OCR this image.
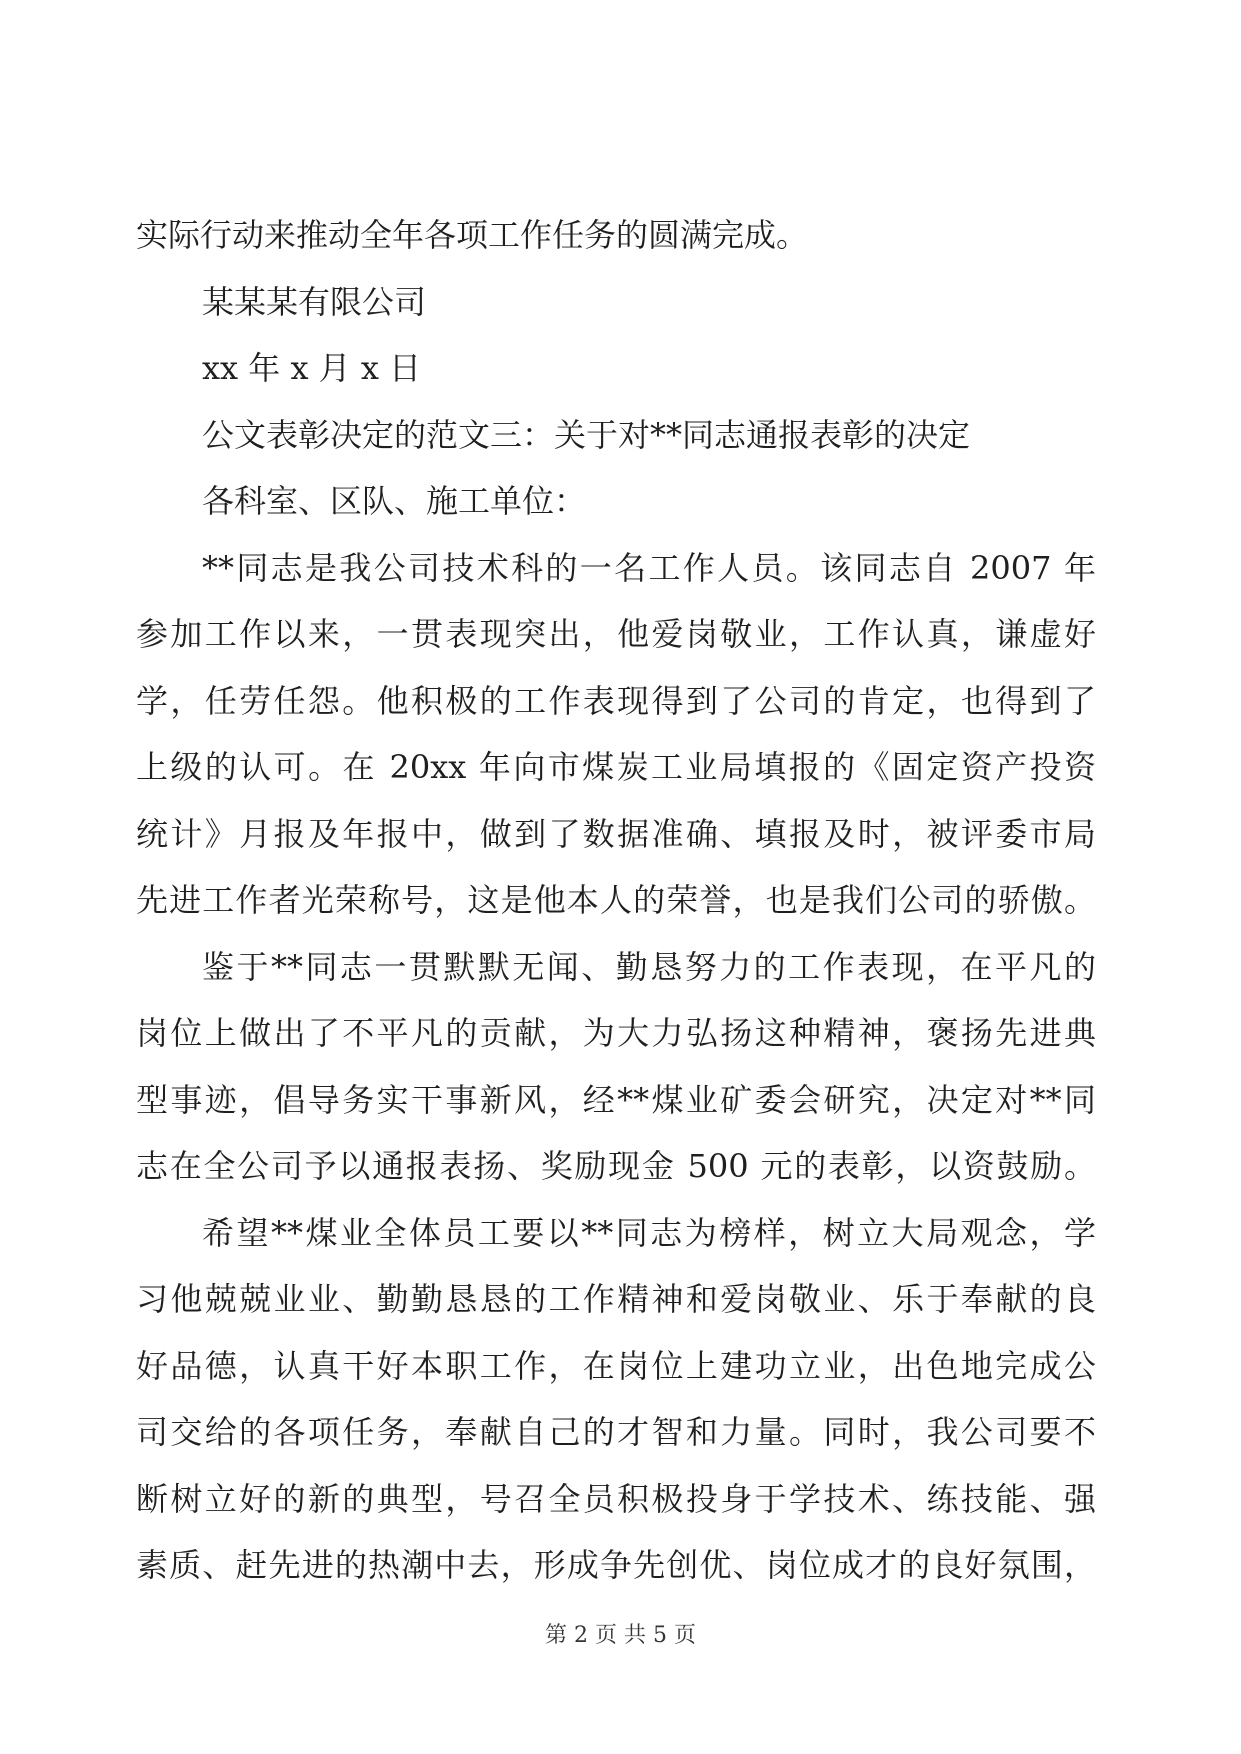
实际行动来推动全年各项工作任务的圆满完成。
某某某有限公司
xx 年 x 月 x 日
公文表彰决定的范文三：关于对**同志通报表彰的决定
各科室、区队、施工单位：
**同志是我公司技术科的一名工作人员。该同志自 2007 年
参加工作以来，一贯表现突出，他爱岗敬业，工作认真，谦虚好
学，任劳任怨。他积极的工作表现得到了公司的肯定，也得到了
上级的认可。在 20xx 年向市煤炭工业局填报的《固定资产投资
统计》月报及年报中，做到了数据准确、填报及时，被评委市局
先进工作者光荣称号，这是他本人的荣誉，也是我们公司的骄傲。
鉴于**同志一贯默默无闻、勤恳努力的工作表现，在平凡的
岗位上做出了不平凡的贡献，为大力弘扬这种精神，褒扬先进典
型事迹，倡导务实干事新风，经**煤业矿委会研究，决定对**同
志在全公司予以通报表扬、奖励现金 500 元的表彰，以资鼓励。
希望**煤业全体员工要以**同志为榜样，树立大局观念，学
习他兢兢业业、勤勤恳恳的工作精神和爱岗敬业、乐于奉献的良
好品德，认真干好本职工作，在岗位上建功立业，出色地完成公
司交给的各项任务，奉献自己的才智和力量。同时，我公司要不
断树立好的新的典型，号召全员积极投身于学技术、练技能、强
素质、赶先进的热潮中去，形成争先创优、岗位成才的良好氛围，
第 2 页 共 5 页
